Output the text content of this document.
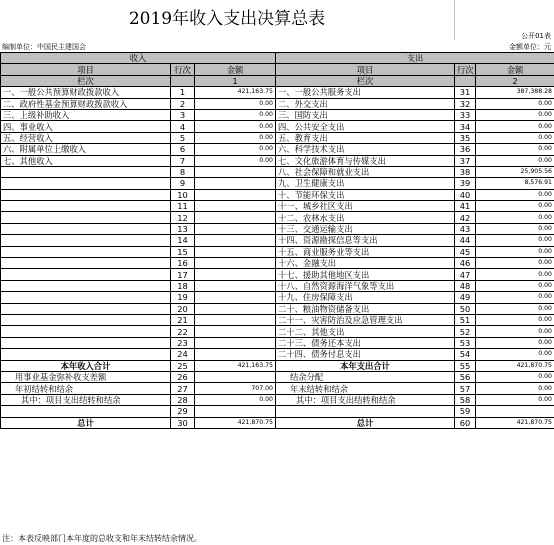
2019年收入支出决算总表
公开01表
编制单位：中国民主建国会	金额单位：元
收入			支出		
项目	行次	金额	项目	行次	金额
栏次		1	栏次		2
一、一般公共预算财政拨款收入	1	421,163.75	一、一般公共服务支出	31	387,388.28
二、政府性基金预算财政拨款收入	2	0.00	二、外交支出	32	0.00
三、上级补助收入	3	0.00	三、国防支出	33	0.00
四、事业收入	4	0.00	四、公共安全支出	34	0.00
五、经营收入	5	0.00	五、教育支出	35	0.00
六、附属单位上缴收入	6	0.00	六、科学技术支出	36	0.00
七、其他收入	7	0.00	七、文化旅游体育与传媒支出	37	0.00
	8		八、社会保障和就业支出	38	25,905.56
	9		九、卫生健康支出	39	8,576.91
	10		十、节能环保支出	40	0.00
	11		十一、城乡社区支出	41	0.00
	12		十二、农林水支出	42	0.00
	13		十三、交通运输支出	43	0.00
	14		十四、资源勘探信息等支出	44	0.00
	15		十五、商业服务业等支出	45	0.00
	16		十六、金融支出	46	0.00
	17		十七、援助其他地区支出	47	0.00
	18		十八、自然资源海洋气象等支出	48	0.00
	19		十九、住房保障支出	49	0.00
	20		二十、粮油物资储备支出	50	0.00
	21		二十一、灾害防治及应急管理支出	51	0.00
	22		二十二、其他支出	52	0.00
	23		二十三、债务还本支出	53	0.00
	24		二十四、债务付息支出	54	0.00
本年收入合计	25	421,163.75	本年支出合计	55	421,870.75
用事业基金弥补收支差额	26		结余分配	56	0.00
年初结转和结余	27	707.00	年末结转和结余	57	0.00
其中：项目支出结转和结余	28	0.00	其中：项目支出结转和结余	58	0.00
	29			59	
总计	30	421,870.75	总计	60	421,870.75
注：本表反映部门本年度的总收支和年末结转结余情况。
